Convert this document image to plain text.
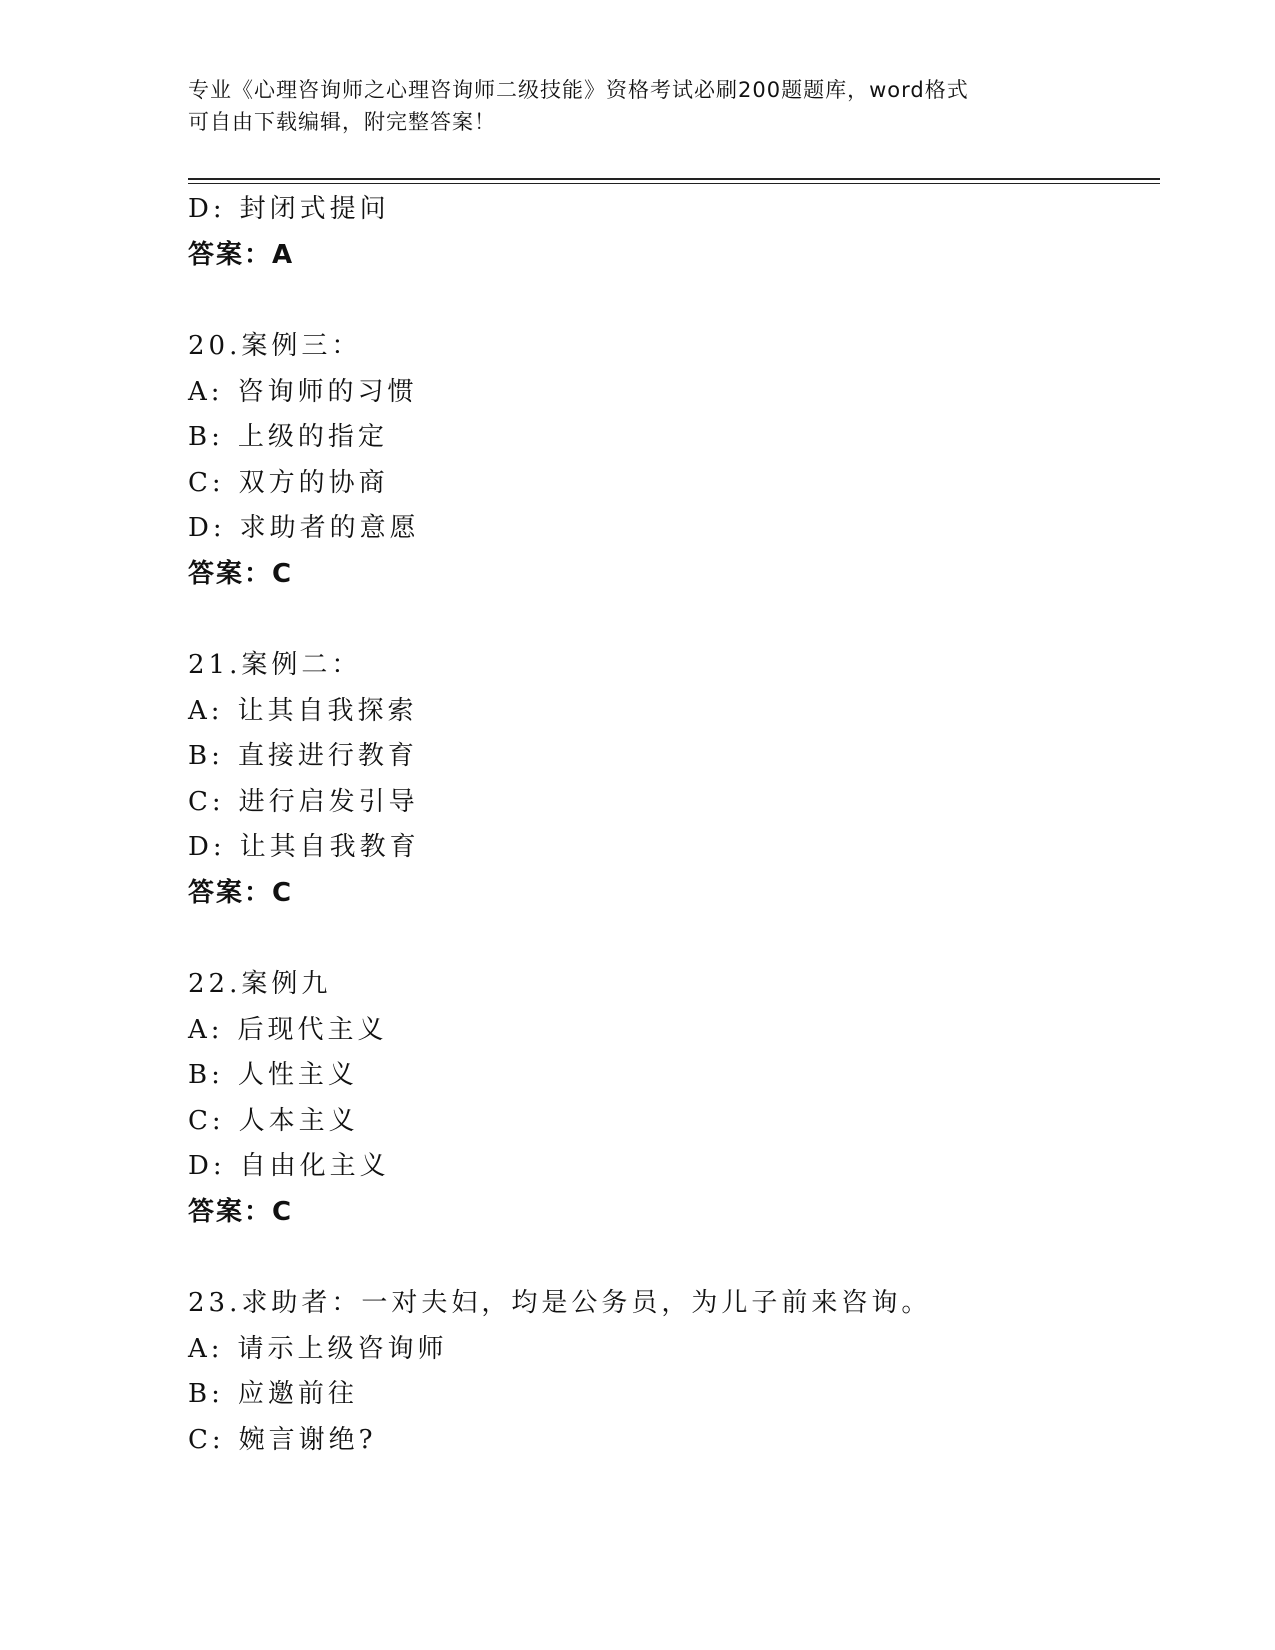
专业《心理咨询师之心理咨询师二级技能》资格考试必刷200题题库，word格式
可自由下载编辑，附完整答案！
D: 封闭式提问
答案：A
20.案例三：
A: 咨询师的习惯
B: 上级的指定
C: 双方的协商
D: 求助者的意愿
答案：C
21.案例二：
A: 让其自我探索
B: 直接进行教育
C: 进行启发引导
D: 让其自我教育
答案：C
22.案例九
A: 后现代主义
B: 人性主义
C: 人本主义
D: 自由化主义
答案：C
23.求助者：一对夫妇，均是公务员，为儿子前来咨询。
A: 请示上级咨询师
B: 应邀前往
C: 婉言谢绝?
